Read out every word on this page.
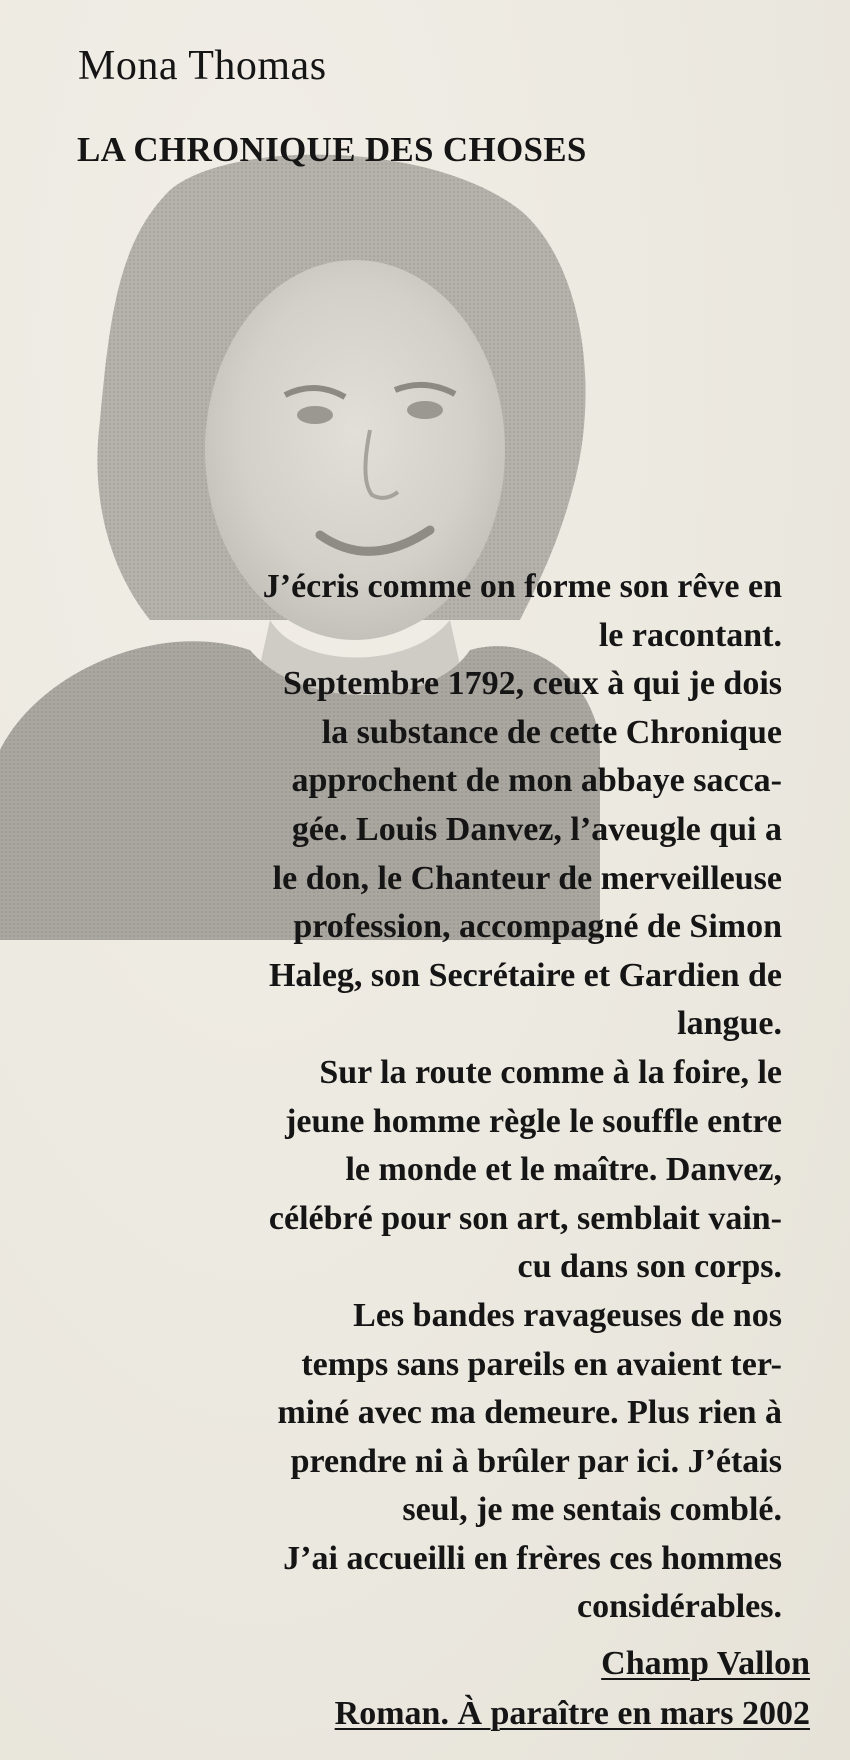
Mona Thomas
LA CHRONIQUE DES CHOSES

J’écris comme on forme son rêve en
le racontant.
Septembre 1792, ceux à qui je dois
la substance de cette Chronique
approchent de mon abbaye sacca-
gée. Louis Danvez, l’aveugle qui a
le don, le Chanteur de merveilleuse
profession, accompagné de Simon
Haleg, son Secrétaire et Gardien de
langue.
Sur la route comme à la foire, le
jeune homme règle le souffle entre
le monde et le maître. Danvez,
célébré pour son art, semblait vain-
cu dans son corps.
Les bandes ravageuses de nos
temps sans pareils en avaient ter-
miné avec ma demeure. Plus rien à
prendre ni à brûler par ici. J’étais
seul, je me sentais comblé.
J’ai accueilli en frères ces hommes
considérables.

Champ Vallon

Roman. À paraître en mars 2002
